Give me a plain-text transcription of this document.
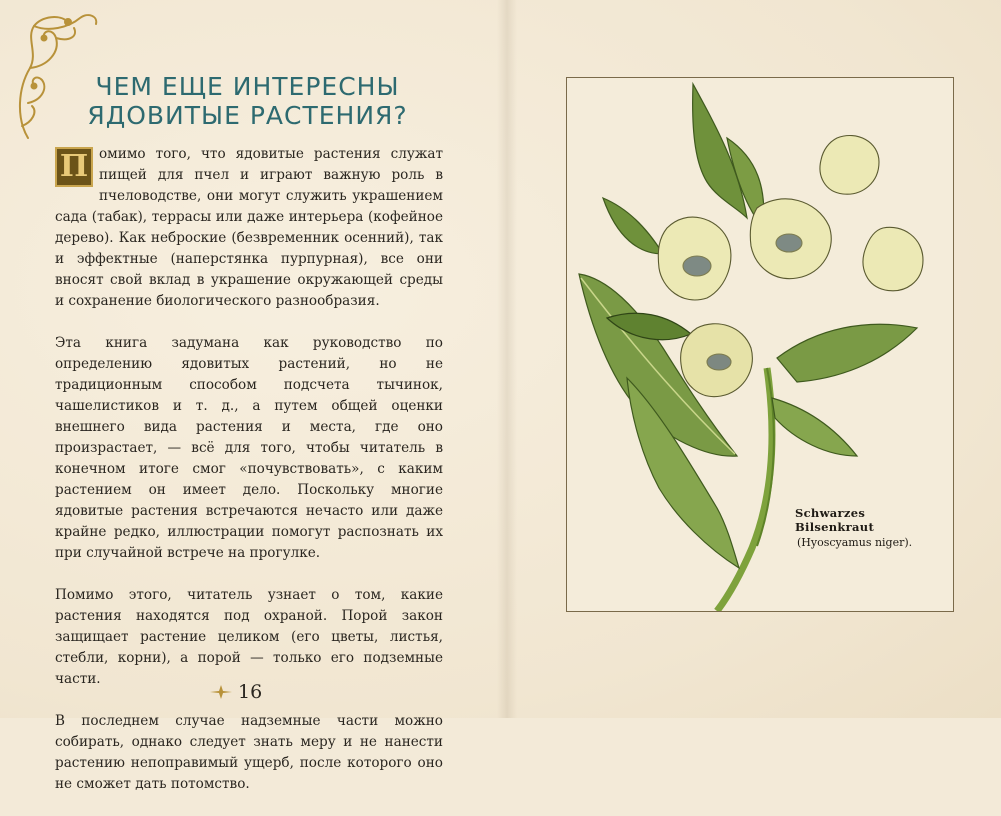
ЧЕМ ЕЩЕ ИНТЕРЕСНЫ
ЯДОВИТЫЕ РАСТЕНИЯ?

П омимо того, что ядовитые растения служат пищей для пчел и играют важную роль в пчеловодстве, они могут служить украшением сада (табак), террасы или даже интерьера (кофейное дерево). Как неброские (безвременник осенний), так и эффектные (наперстянка пурпурная), все они вносят свой вклад в украшение окружающей среды и сохранение биологического разнообразия.

Эта книга задумана как руководство по определению ядовитых растений, но не традиционным способом подсчета тычинок, чашелистиков и т. д., а путем общей оценки внешнего вида растения и места, где оно произрастает, — всё для того, чтобы читатель в конечном итоге смог «почувствовать», с каким растением он имеет дело. Поскольку многие ядовитые растения встречаются нечасто или даже крайне редко, иллюстрации помогут распознать их при случайной встрече на прогулке.

Помимо этого, читатель узнает о том, какие растения находятся под охраной. Порой закон защищает растение целиком (его цветы, листья, стебли, корни), а порой — только его подземные части.

В последнем случае надземные части можно собирать, однако следует знать меру и не нанести растению непоправимый ущерб, после которого оно не сможет дать потомство.

16
Schwarzes Bilsenkraut
(Hyoscyamus niger).
